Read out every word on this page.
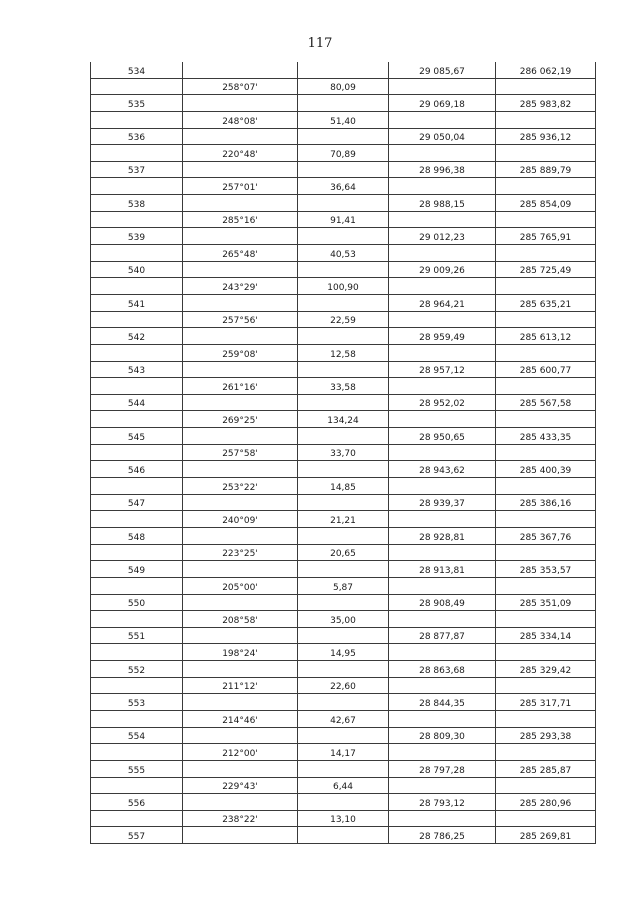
117
534			29 085,67	286 062,19
	258°07'	80,09		
535			29 069,18	285 983,82
	248°08'	51,40		
536			29 050,04	285 936,12
	220°48'	70,89		
537			28 996,38	285 889,79
	257°01'	36,64		
538			28 988,15	285 854,09
	285°16'	91,41		
539			29 012,23	285 765,91
	265°48'	40,53		
540			29 009,26	285 725,49
	243°29'	100,90		
541			28 964,21	285 635,21
	257°56'	22,59		
542			28 959,49	285 613,12
	259°08'	12,58		
543			28 957,12	285 600,77
	261°16'	33,58		
544			28 952,02	285 567,58
	269°25'	134,24		
545			28 950,65	285 433,35
	257°58'	33,70		
546			28 943,62	285 400,39
	253°22'	14,85		
547			28 939,37	285 386,16
	240°09'	21,21		
548			28 928,81	285 367,76
	223°25'	20,65		
549			28 913,81	285 353,57
	205°00'	5,87		
550			28 908,49	285 351,09
	208°58'	35,00		
551			28 877,87	285 334,14
	198°24'	14,95		
552			28 863,68	285 329,42
	211°12'	22,60		
553			28 844,35	285 317,71
	214°46'	42,67		
554			28 809,30	285 293,38
	212°00'	14,17		
555			28 797,28	285 285,87
	229°43'	6,44		
556			28 793,12	285 280,96
	238°22'	13,10		
557			28 786,25	285 269,81
